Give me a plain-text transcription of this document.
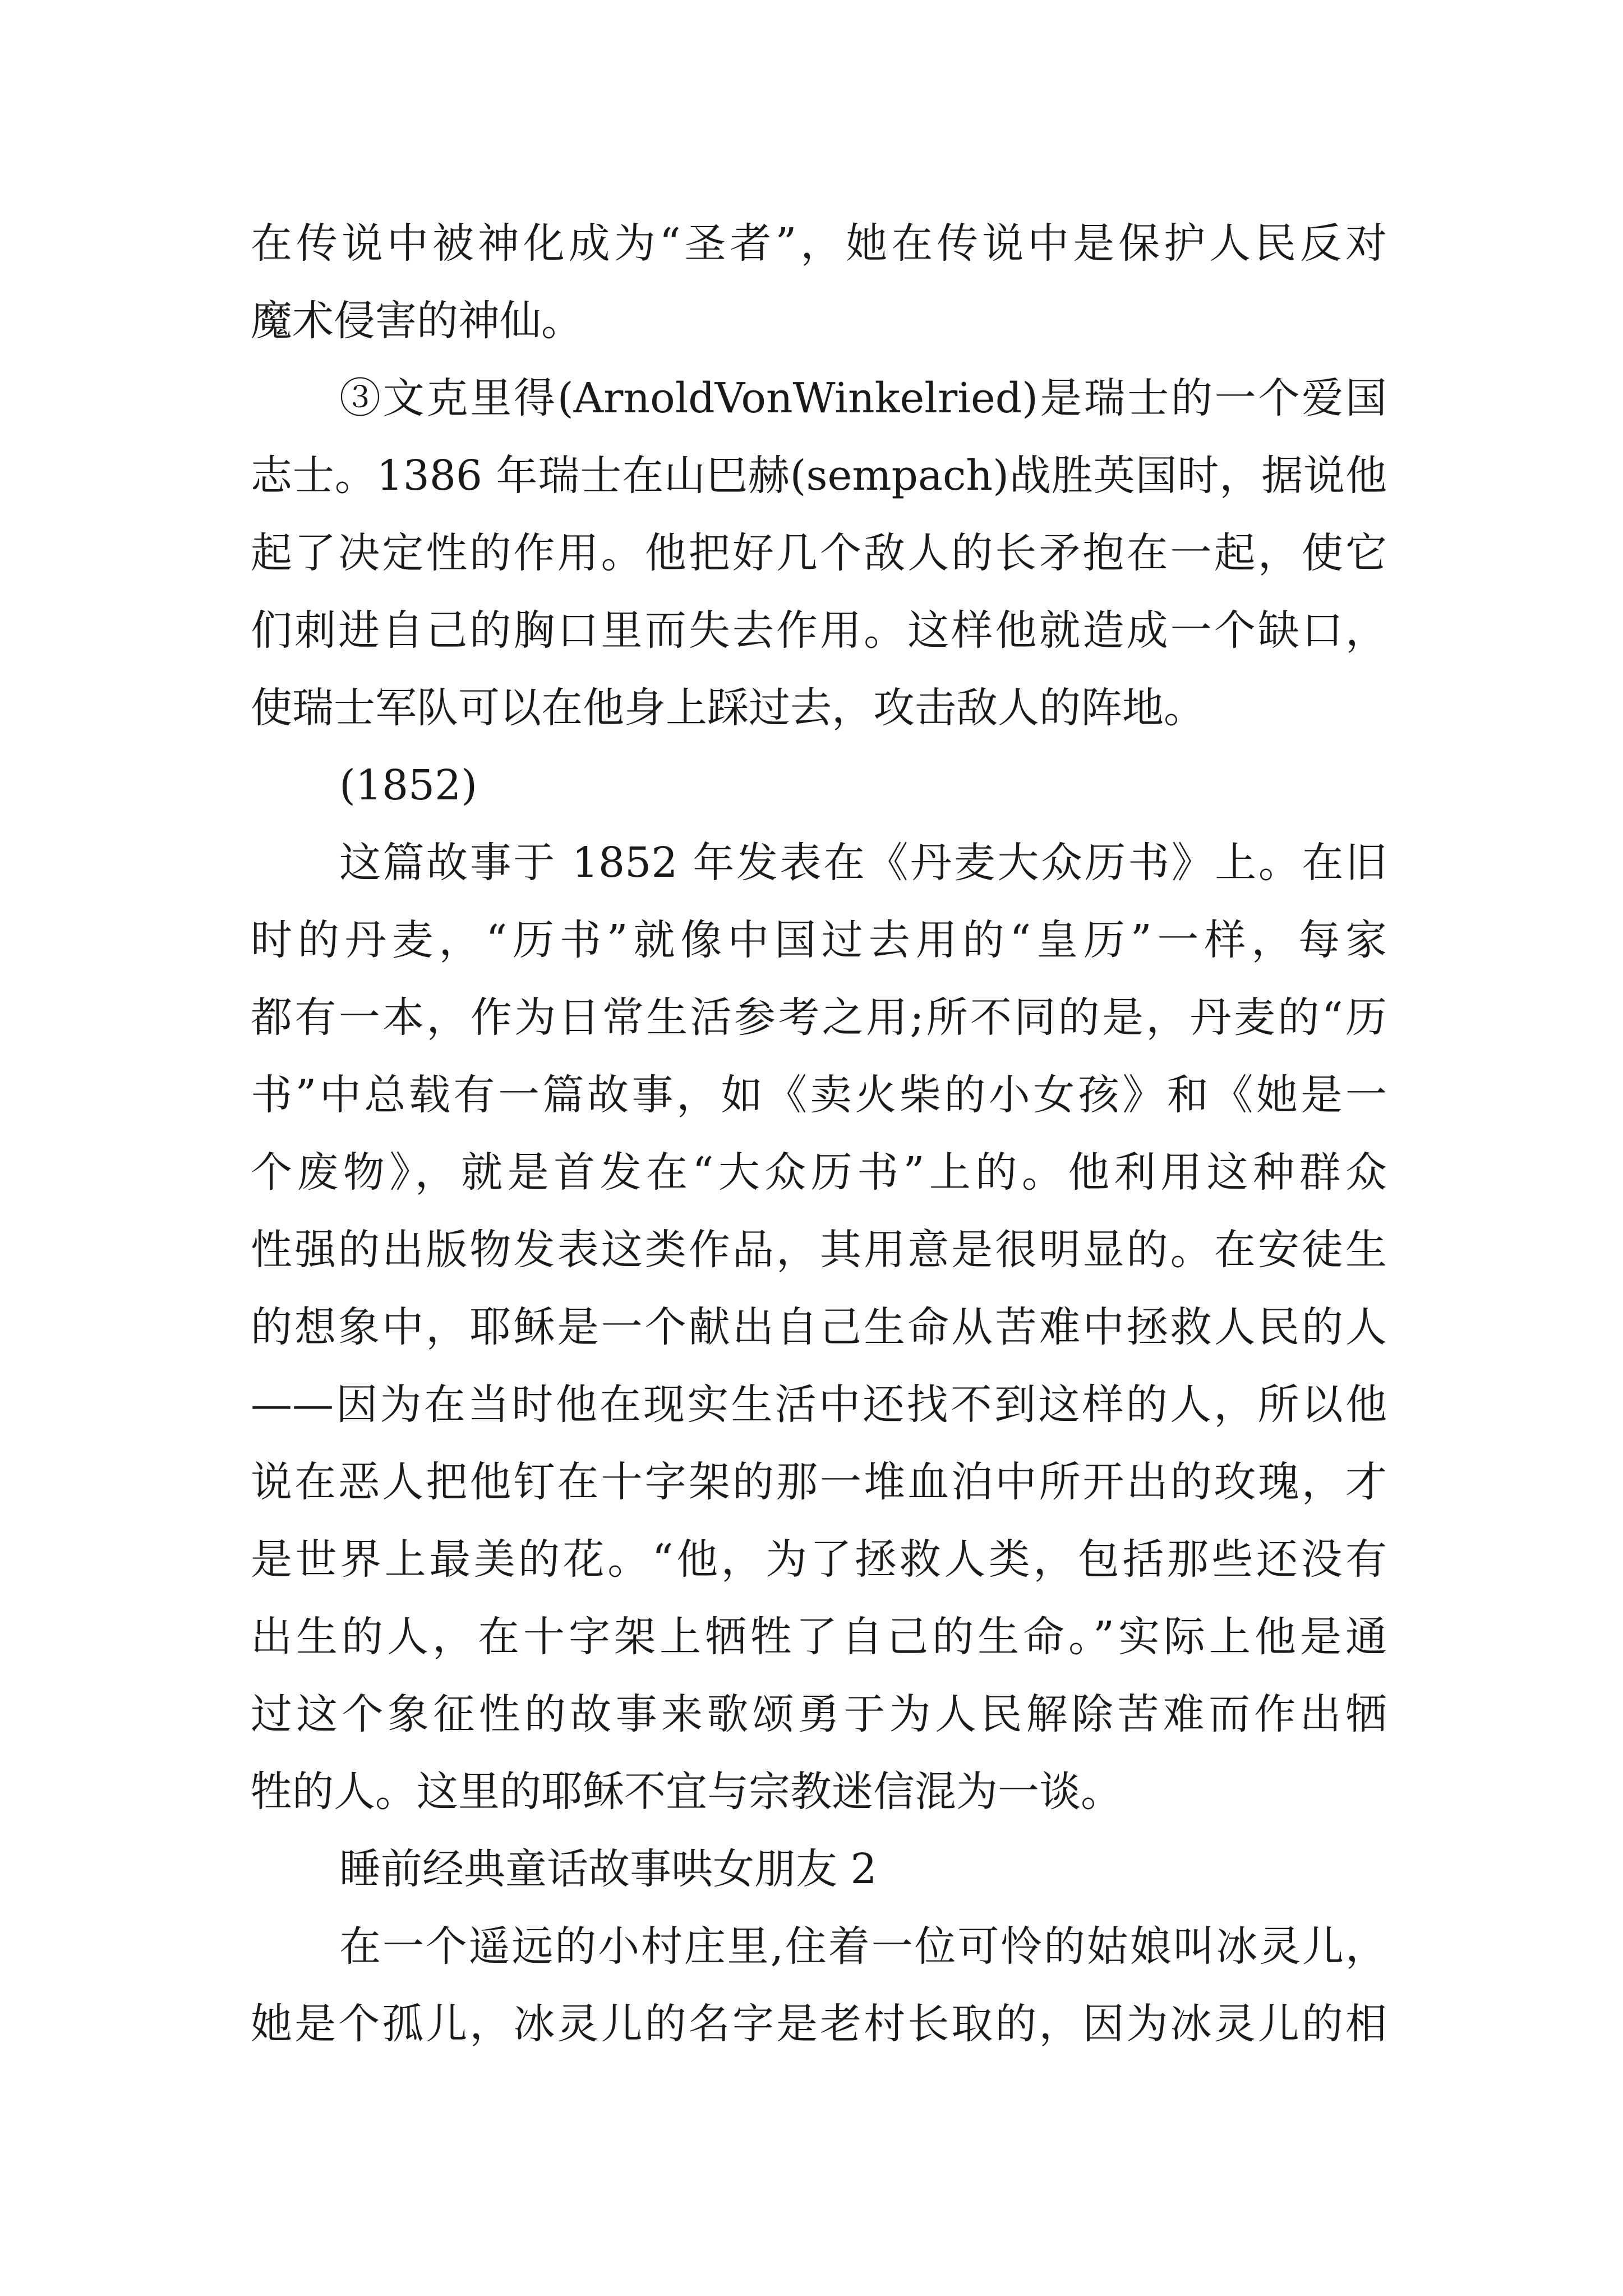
在传说中被神化成为“圣者”，她在传说中是保护人民反对
魔术侵害的神仙。
③文克里得(ArnoldVonWinkelried)是瑞士的一个爱国
志士。1386 年瑞士在山巴赫(sempach)战胜英国时，据说他
起了决定性的作用。他把好几个敌人的长矛抱在一起，使它
们刺进自己的胸口里而失去作用。这样他就造成一个缺口，
使瑞士军队可以在他身上踩过去，攻击敌人的阵地。
(1852)
这篇故事于 1852 年发表在《丹麦大众历书》上。在旧
时的丹麦，“历书”就像中国过去用的“皇历”一样，每家
都有一本，作为日常生活参考之用;所不同的是，丹麦的“历
书”中总载有一篇故事，如《卖火柴的小女孩》和《她是一
个废物》，就是首发在“大众历书”上的。他利用这种群众
性强的出版物发表这类作品，其用意是很明显的。在安徒生
的想象中，耶稣是一个献出自己生命从苦难中拯救人民的人
——因为在当时他在现实生活中还找不到这样的人，所以他
说在恶人把他钉在十字架的那一堆血泊中所开出的玫瑰，才
是世界上最美的花。“他，为了拯救人类，包括那些还没有
出生的人，在十字架上牺牲了自己的生命。”实际上他是通
过这个象征性的故事来歌颂勇于为人民解除苦难而作出牺
牲的人。这里的耶稣不宜与宗教迷信混为一谈。
睡前经典童话故事哄女朋友 2
在一个遥远的小村庄里,住着一位可怜的姑娘叫冰灵儿，
她是个孤儿，冰灵儿的名字是老村长取的，因为冰灵儿的相
